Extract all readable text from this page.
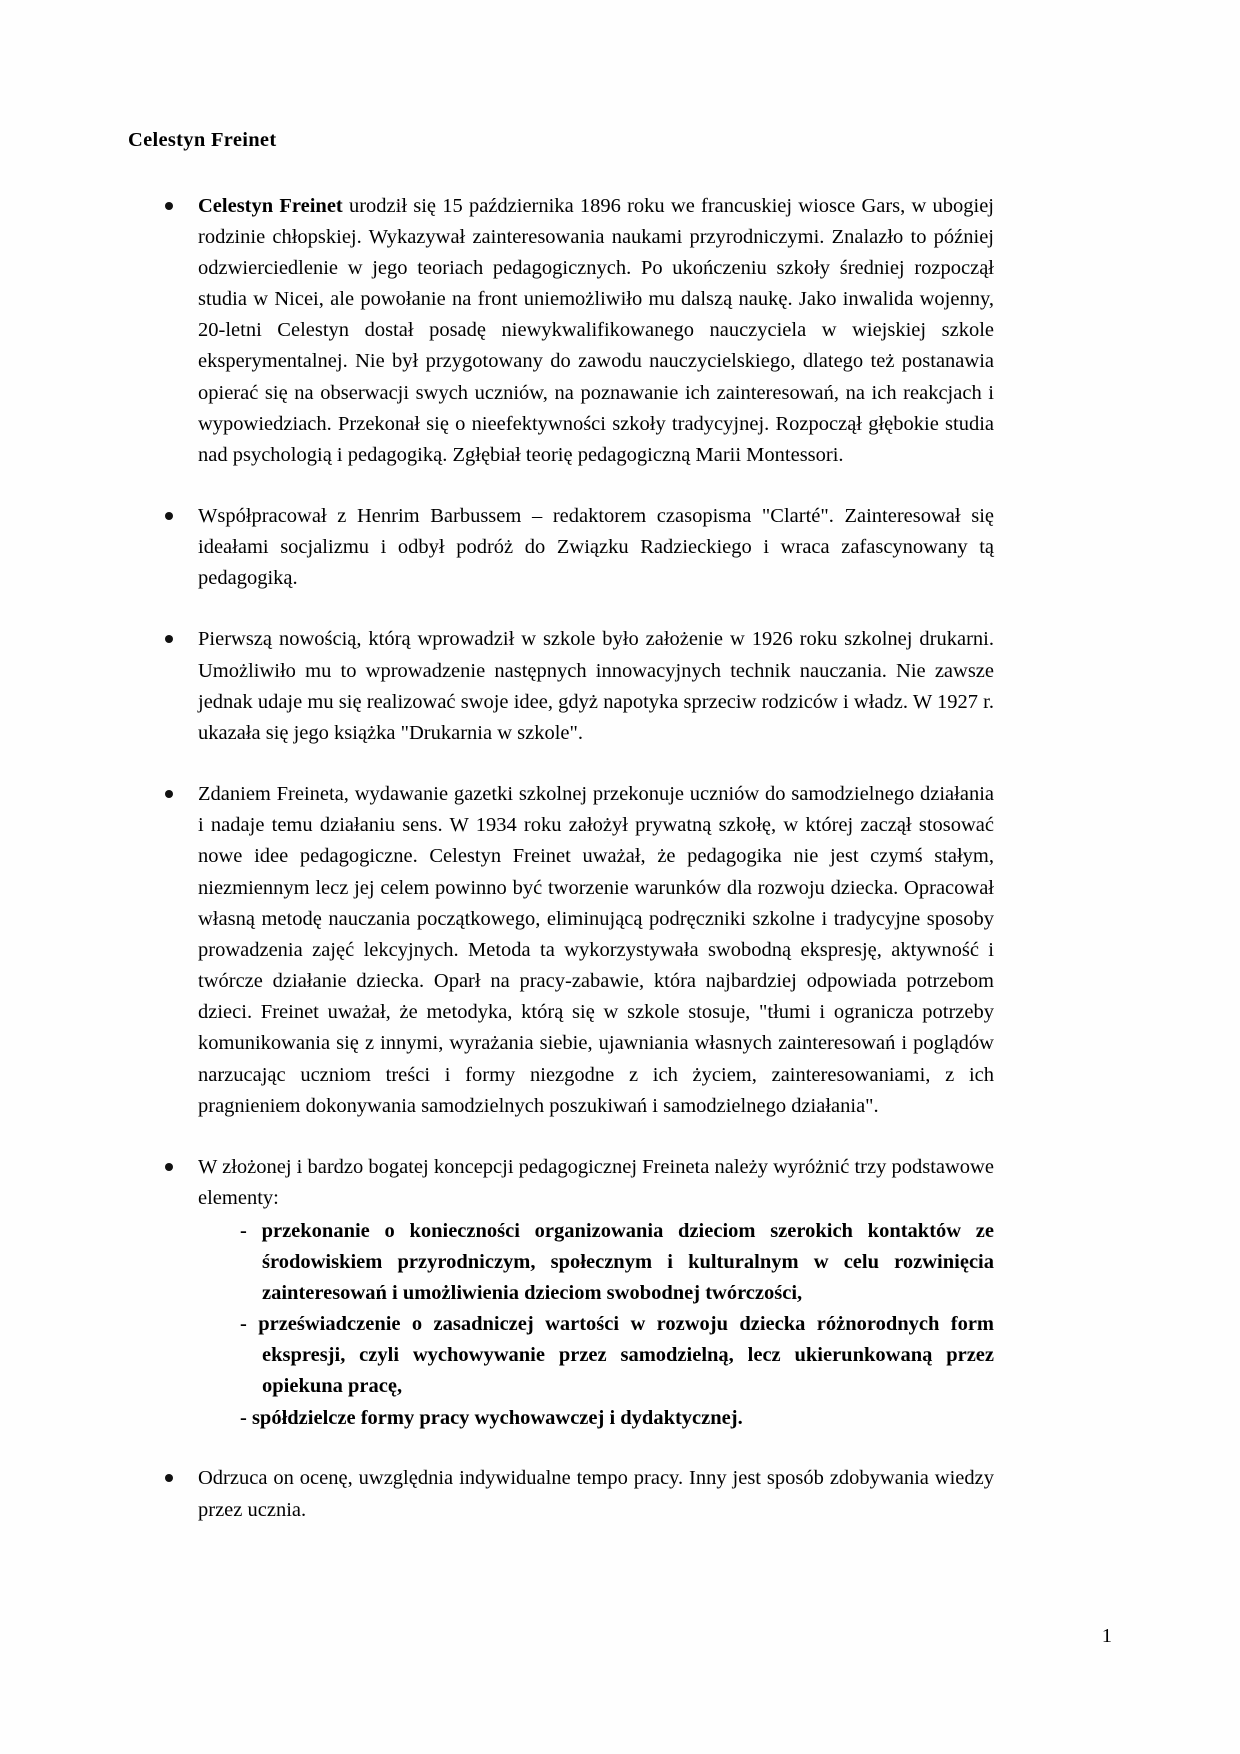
Celestyn Freinet
Celestyn Freinet urodził się 15 października 1896 roku we francuskiej wiosce Gars, w ubogiej rodzinie chłopskiej. Wykazywał zainteresowania naukami przyrodniczymi. Znalazło to później odzwierciedlenie w jego teoriach pedagogicznych. Po ukończeniu szkoły średniej rozpoczął studia w Nicei, ale powołanie na front uniemożliwiło mu dalszą naukę. Jako inwalida wojenny, 20-letni Celestyn dostał posadę niewykwalifikowanego nauczyciela w wiejskiej szkole eksperymentalnej. Nie był przygotowany do zawodu nauczycielskiego, dlatego też postanawia opierać się na obserwacji swych uczniów, na poznawanie ich zainteresowań, na ich reakcjach i wypowiedziach. Przekonał się o nieefektywności szkoły tradycyjnej. Rozpoczął głębokie studia nad psychologią i pedagogiką. Zgłębiał teorię pedagogiczną Marii Montessori.
Współpracował z Henrim Barbussem – redaktorem czasopisma "Clarté". Zainteresował się ideałami socjalizmu i odbył podróż do Związku Radzieckiego i wraca zafascynowany tą pedagogiką.
Pierwszą nowością, którą wprowadził w szkole było założenie w 1926 roku szkolnej drukarni. Umożliwiło mu to wprowadzenie następnych innowacyjnych technik nauczania. Nie zawsze jednak udaje mu się realizować swoje idee, gdyż napotyka sprzeciw rodziców i władz. W 1927 r. ukazała się jego książka "Drukarnia w szkole".
Zdaniem Freineta, wydawanie gazetki szkolnej przekonuje uczniów do samodzielnego działania i nadaje temu działaniu sens. W 1934 roku założył prywatną szkołę, w której zaczął stosować nowe idee pedagogiczne. Celestyn Freinet uważał, że pedagogika nie jest czymś stałym, niezmiennym lecz jej celem powinno być tworzenie warunków dla rozwoju dziecka. Opracował własną metodę nauczania początkowego, eliminującą podręczniki szkolne i tradycyjne sposoby prowadzenia zajęć lekcyjnych. Metoda ta wykorzystywała swobodną ekspresję, aktywność i twórcze działanie dziecka. Oparł na pracy-zabawie, która najbardziej odpowiada potrzebom dzieci. Freinet uważał, że metodyka, którą się w szkole stosuje, "tłumi i ogranicza potrzeby komunikowania się z innymi, wyrażania siebie, ujawniania własnych zainteresowań i poglądów narzucając uczniom treści i formy niezgodne z ich życiem, zainteresowaniami, z ich pragnieniem dokonywania samodzielnych poszukiwań i samodzielnego działania".
W złożonej i bardzo bogatej koncepcji pedagogicznej Freineta należy wyróżnić trzy podstawowe elementy:
- przekonanie o konieczności organizowania dzieciom szerokich kontaktów ze środowiskiem przyrodniczym, społecznym i kulturalnym w celu rozwinięcia zainteresowań i umożliwienia dzieciom swobodnej twórczości,
- przeświadczenie o zasadniczej wartości w rozwoju dziecka różnorodnych form ekspresji, czyli wychowywanie przez samodzielną, lecz ukierunkowaną przez opiekuna pracę,
- spółdzielcze formy pracy wychowawczej i dydaktycznej.
Odrzuca on ocenę, uwzględnia indywidualne tempo pracy. Inny jest sposób zdobywania wiedzy przez ucznia.
1
